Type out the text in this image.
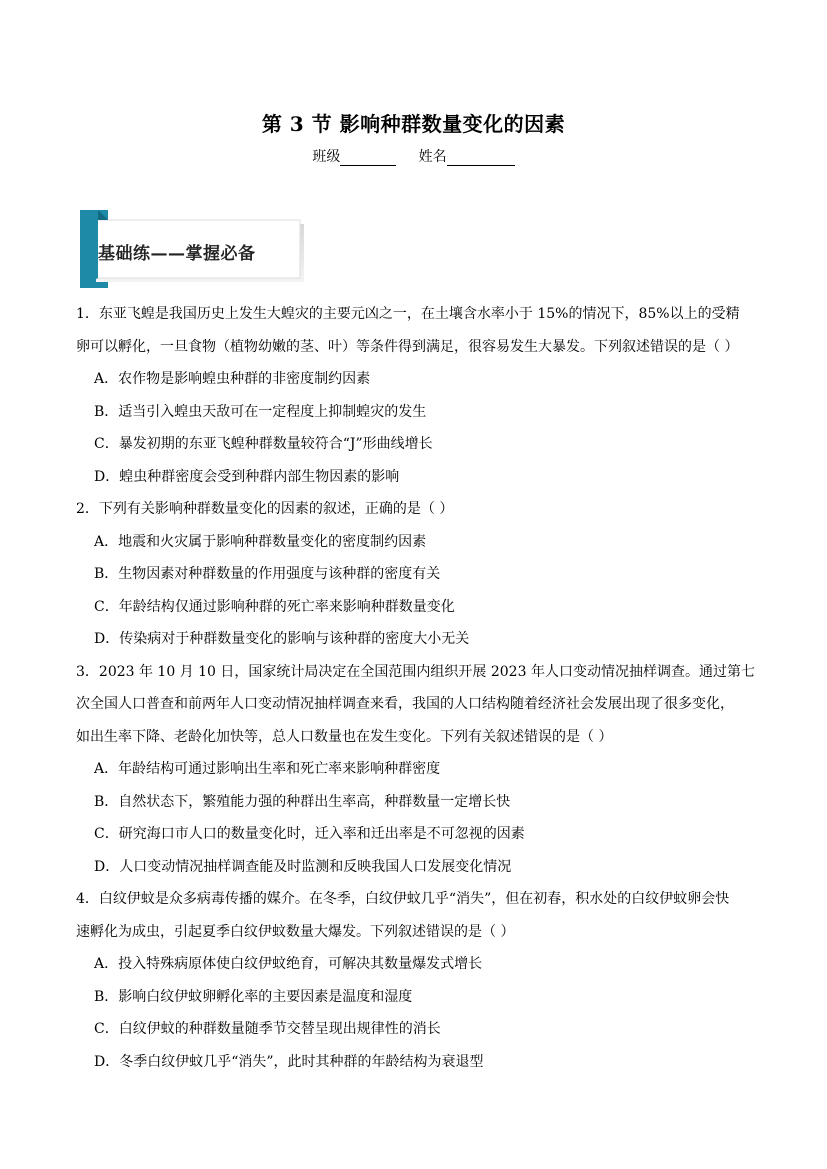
第 3 节 影响种群数量变化的因素
班级	姓名
基础练——掌握必备
1．东亚飞蝗是我国历史上发生大蝗灾的主要元凶之一，在土壤含水率小于 15%的情况下，85%以上的受精
卵可以孵化，一旦食物（植物幼嫩的茎、叶）等条件得到满足，很容易发生大暴发。下列叙述错误的是（ ）
A．农作物是影响蝗虫种群的非密度制约因素
B．适当引入蝗虫天敌可在一定程度上抑制蝗灾的发生
C．暴发初期的东亚飞蝗种群数量较符合“J”形曲线增长
D．蝗虫种群密度会受到种群内部生物因素的影响
2．下列有关影响种群数量变化的因素的叙述，正确的是（ ）
A．地震和火灾属于影响种群数量变化的密度制约因素
B．生物因素对种群数量的作用强度与该种群的密度有关
C．年龄结构仅通过影响种群的死亡率来影响种群数量变化
D．传染病对于种群数量变化的影响与该种群的密度大小无关
3．2023 年 10 月 10 日，国家统计局决定在全国范围内组织开展 2023 年人口变动情况抽样调查。通过第七
次全国人口普查和前两年人口变动情况抽样调查来看，我国的人口结构随着经济社会发展出现了很多变化，
如出生率下降、老龄化加快等，总人口数量也在发生变化。下列有关叙述错误的是（ ）
A．年龄结构可通过影响出生率和死亡率来影响种群密度
B．自然状态下，繁殖能力强的种群出生率高，种群数量一定增长快
C．研究海口市人口的数量变化时，迁入率和迁出率是不可忽视的因素
D．人口变动情况抽样调查能及时监测和反映我国人口发展变化情况
4．白纹伊蚊是众多病毒传播的媒介。在冬季，白纹伊蚊几乎“消失”，但在初春，积水处的白纹伊蚊卵会快
速孵化为成虫，引起夏季白纹伊蚊数量大爆发。下列叙述错误的是（ ）
A．投入特殊病原体使白纹伊蚊绝育，可解决其数量爆发式增长
B．影响白纹伊蚊卵孵化率的主要因素是温度和湿度
C．白纹伊蚊的种群数量随季节交替呈现出规律性的消长
D．冬季白纹伊蚊几乎“消失”，此时其种群的年龄结构为衰退型
